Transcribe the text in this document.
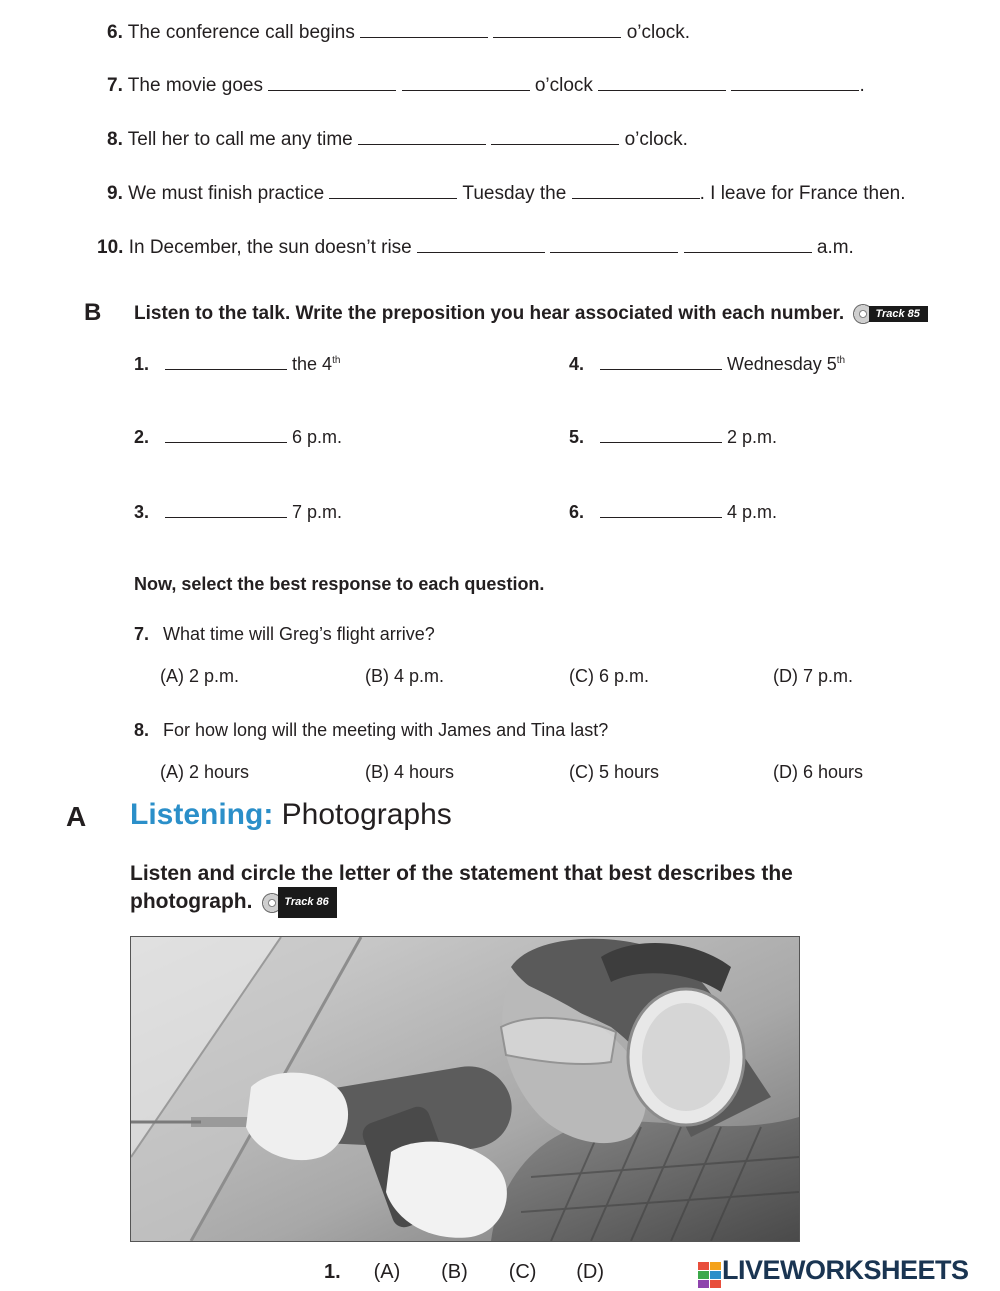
6. The conference call begins	o’clock.
7. The movie goes	o’clock	.
8. Tell her to call me any time	o’clock.
9. We must finish practice	Tuesday the	. I leave for France then.
10. In December, the sun doesn’t rise	a.m.
B Listen to the talk. Write the preposition you hear associated with each number.	Track 85
1.	the 4th	4.	Wednesday 5th
2.	6 p.m.	5.	2 p.m.
3.	7 p.m.	6.	4 p.m.
Now, select the best response to each question.
7. What time will Greg’s flight arrive?
(A) 2 p.m.	(B) 4 p.m.	(C) 6 p.m.	(D) 7 p.m.
8. For how long will the meeting with James and Tina last?
(A) 2 hours	(B) 4 hours	(C) 5 hours	(D) 6 hours
A Listening: Photographs
Listen and circle the letter of the statement that best describes the
photograph.	Track 86
1. (A) (B) (C) (D)	LIVEWORKSHEETS
